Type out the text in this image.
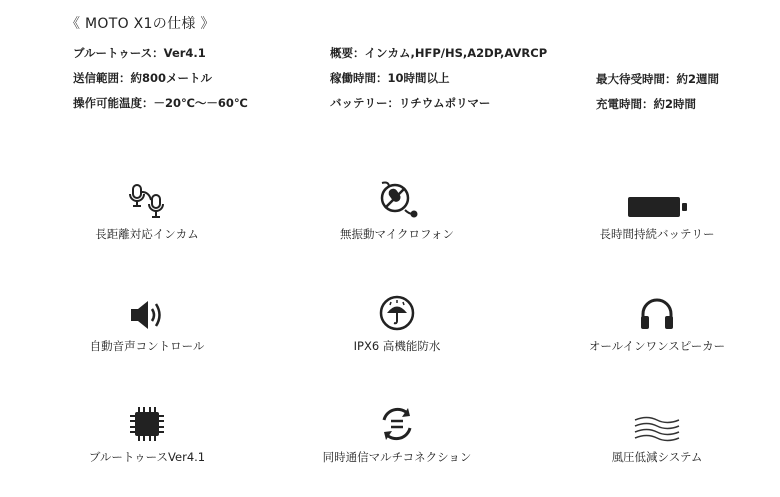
《 MOTO X1の仕様 》
ブルートゥース：Ver4.1
送信範囲：約800メートル
操作可能温度：－20℃～－60℃
概要：インカム,HFP/HS,A2DP,AVRCP
稼働時間：10時間以上
バッテリー：リチウムポリマー
最大待受時間：約2週間
充電時間：約2時間
長距離対応インカム	無振動マイクロフォン	長時間持続バッテリー
自動音声コントロール	IPX6 高機能防水	オールインワンスピーカー
ブルートゥースVer4.1	同時通信マルチコネクション	風圧低減システム
